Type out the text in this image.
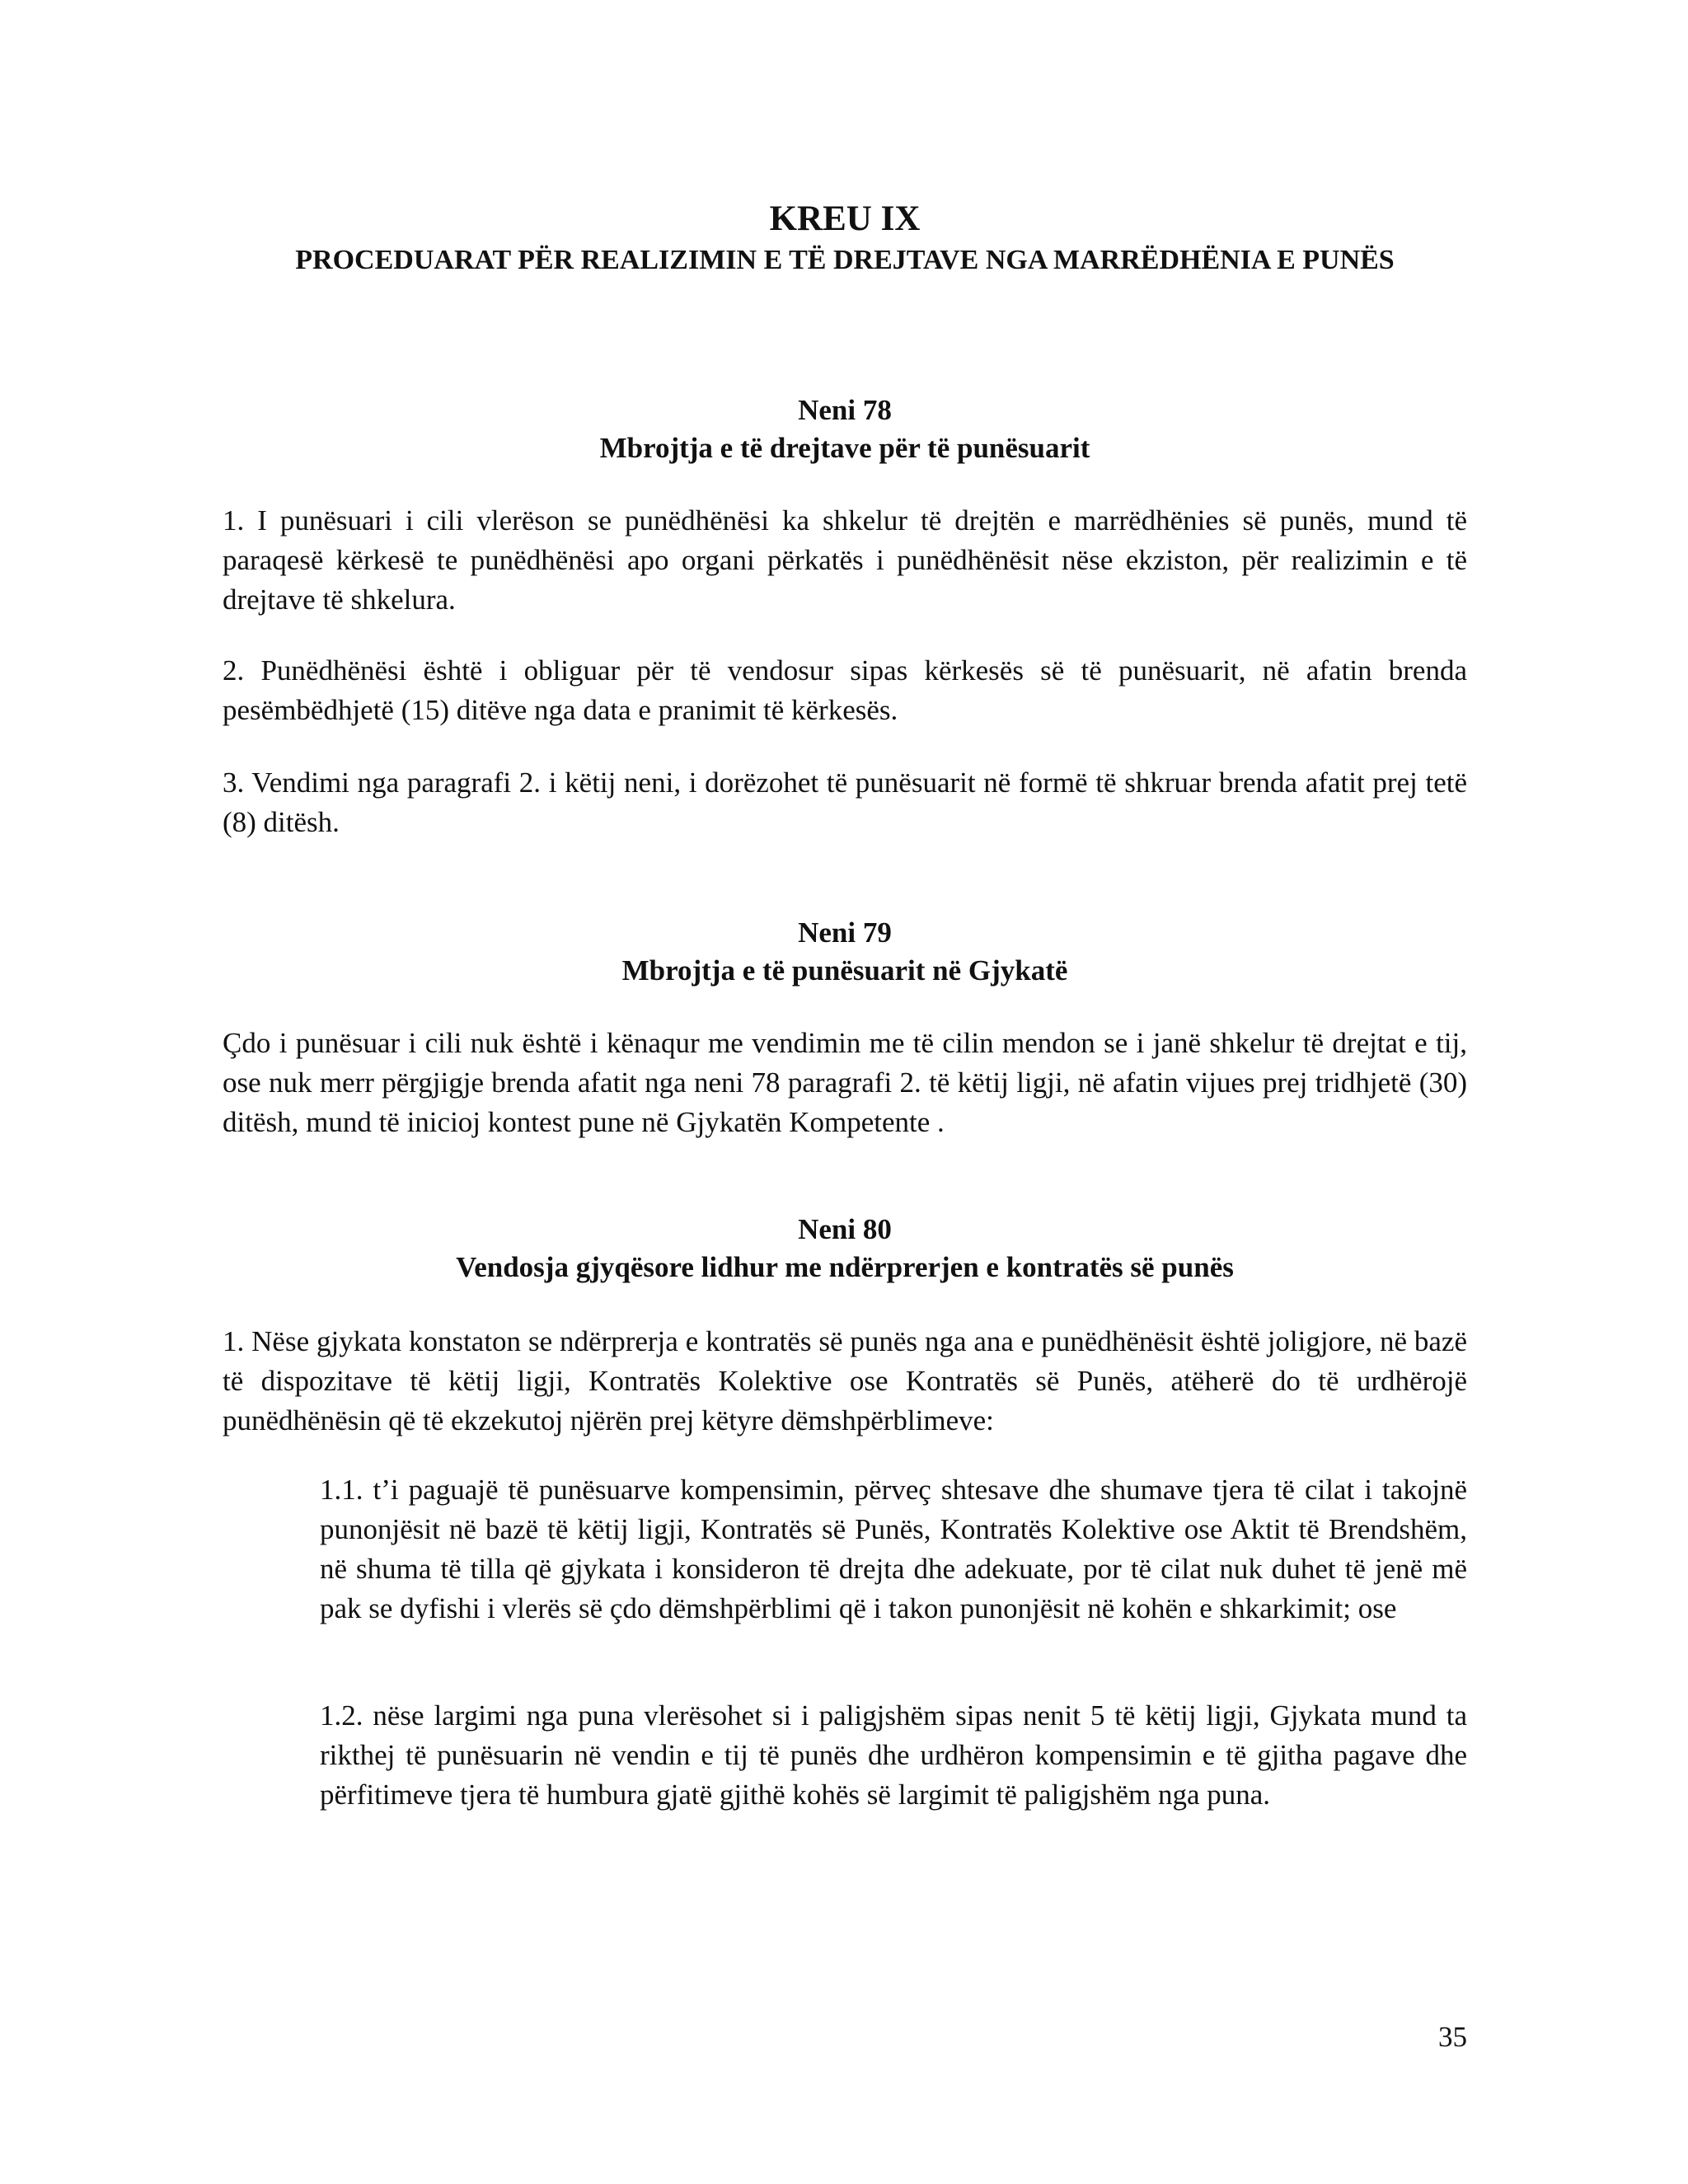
KREU IX
PROCEDUARAT PËR REALIZIMIN E TË DREJTAVE NGA MARRËDHËNIA E PUNËS
Neni 78
Mbrojtja e të drejtave për të punësuarit

1. I punësuari i cili vlerëson se punëdhënësi ka shkelur të drejtën e marrëdhënies së punës, mund të paraqesë kërkesë te punëdhënësi apo organi përkatës i punëdhënësit nëse ekziston, për realizimin e të drejtave të shkelura.

2. Punëdhënësi është i obliguar për të vendosur sipas kërkesës së të punësuarit, në afatin brenda pesëmbëdhjetë (15) ditëve nga data e pranimit të kërkesës.

3. Vendimi nga paragrafi 2. i këtij neni, i dorëzohet të punësuarit në formë të shkruar brenda afatit prej tetë (8) ditësh.

Neni 79
Mbrojtja e të punësuarit në Gjykatë

Çdo i punësuar i cili nuk është i kënaqur me vendimin me të cilin mendon se i janë shkelur të drejtat e tij, ose nuk merr përgjigje brenda afatit nga neni 78 paragrafi 2. të këtij ligji, në afatin vijues prej tridhjetë (30) ditësh, mund të inicioj kontest pune në Gjykatën Kompetente .

Neni 80
Vendosja gjyqësore lidhur me ndërprerjen e kontratës së punës

1. Nëse gjykata konstaton se ndërprerja e kontratës së punës nga ana e punëdhënësit është joligjore, në bazë të dispozitave të këtij ligji, Kontratës Kolektive ose Kontratës së Punës, atëherë do të urdhërojë punëdhënësin që të ekzekutoj njërën prej këtyre dëmshpërblimeve:

1.1. t’i paguajë të punësuarve kompensimin, përveç shtesave dhe shumave tjera të cilat i takojnë punonjësit në bazë të këtij ligji, Kontratës së Punës, Kontratës Kolektive ose Aktit të Brendshëm, në shuma të tilla që gjykata i konsideron të drejta dhe adekuate, por të cilat nuk duhet të jenë më pak se dyfishi i vlerës së çdo dëmshpërblimi që i takon punonjësit në kohën e shkarkimit; ose

1.2. nëse largimi nga puna vlerësohet si i paligjshëm sipas nenit 5 të këtij ligji, Gjykata mund ta rikthej të punësuarin në vendin e tij të punës dhe urdhëron kompensimin e të gjitha pagave dhe përfitimeve tjera të humbura gjatë gjithë kohës së largimit të paligjshëm nga puna.

35
